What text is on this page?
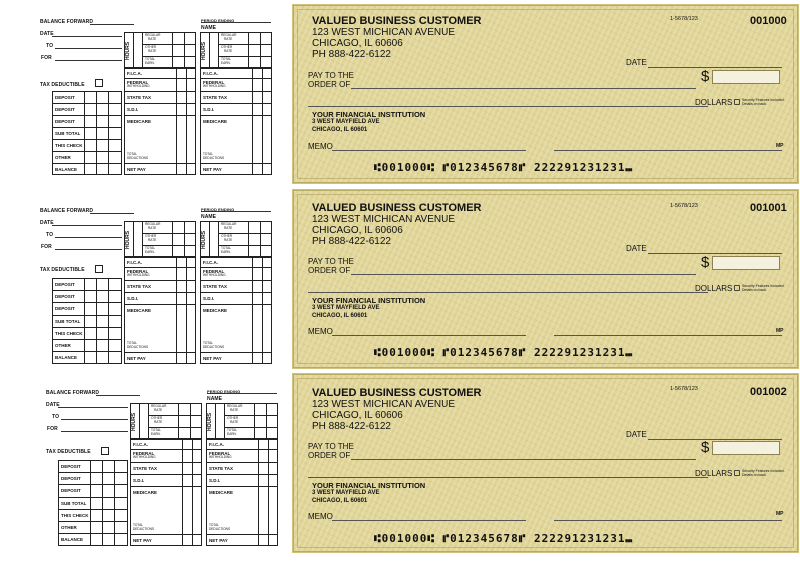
BALANCE FORWARD
DATE
TO
FOR
PERIOD ENDING
NAME
HOURS
REGULAR
RATE
OTHER
RATE
TOTAL
EARN.
HOURS
REGULAR
RATE
OTHER
RATE
TOTAL
EARN.
TAX DEDUCTIBLE
DEPOSIT
DEPOSIT
DEPOSIT
SUB TOTAL
THIS CHECK
OTHER
BALANCE
F.I.C.A.
FEDERAL
WITHHOLDING
STATE TAX
S.D.I.
MEDICARE
TOTAL
DEDUCTIONS
NET PAY
F.I.C.A.
FEDERAL
WITHHOLDING
STATE TAX
S.D.I.
MEDICARE
TOTAL
DEDUCTIONS
NET PAY
BALANCE FORWARD
DATE
TO
FOR
PERIOD ENDING
NAME
HOURS
REGULAR
RATE
OTHER
RATE
TOTAL
EARN.
HOURS
REGULAR
RATE
OTHER
RATE
TOTAL
EARN.
TAX DEDUCTIBLE
DEPOSIT
DEPOSIT
DEPOSIT
SUB TOTAL
THIS CHECK
OTHER
BALANCE
F.I.C.A.
FEDERAL
WITHHOLDING
STATE TAX
S.D.I.
MEDICARE
TOTAL
DEDUCTIONS
NET PAY
F.I.C.A.
FEDERAL
WITHHOLDING
STATE TAX
S.D.I.
MEDICARE
TOTAL
DEDUCTIONS
NET PAY
BALANCE FORWARD
DATE
TO
FOR
PERIOD ENDING
NAME
HOURS
REGULAR
RATE
OTHER
RATE
TOTAL
EARN.
HOURS
REGULAR
RATE
OTHER
RATE
TOTAL
EARN.
TAX DEDUCTIBLE
DEPOSIT
DEPOSIT
DEPOSIT
SUB TOTAL
THIS CHECK
OTHER
BALANCE
F.I.C.A.
FEDERAL
WITHHOLDING
STATE TAX
S.D.I.
MEDICARE
TOTAL
DEDUCTIONS
NET PAY
F.I.C.A.
FEDERAL
WITHHOLDING
STATE TAX
S.D.I.
MEDICARE
TOTAL
DEDUCTIONS
NET PAY
VALUED BUSINESS CUSTOMER
123 WEST MICHICAN AVENUE
CHICAGO, IL 60606
PH 888-422-6122
1-5678/123	001000
DATE
PAY TO THE
ORDER OF	$
DOLLARS	Security Features Included. Details on back.
YOUR FINANCIAL INSTITUTION
3 WEST MAYFIELD AVE
CHICAGO, IL 60601
MEMO	MP
⑆001000⑆ ⑈012345678⑈ 222291231231⑉
VALUED BUSINESS CUSTOMER
123 WEST MICHICAN AVENUE
CHICAGO, IL 60606
PH 888-422-6122
1-5678/123	001001
DATE
PAY TO THE
ORDER OF	$
DOLLARS	Security Features Included. Details on back.
YOUR FINANCIAL INSTITUTION
3 WEST MAYFIELD AVE
CHICAGO, IL 60601
MEMO	MP
⑆001000⑆ ⑈012345678⑈ 222291231231⑉
VALUED BUSINESS CUSTOMER
123 WEST MICHICAN AVENUE
CHICAGO, IL 60606
PH 888-422-6122
1-5678/123	001002
DATE
PAY TO THE
ORDER OF	$
DOLLARS	Security Features Included. Details on back.
YOUR FINANCIAL INSTITUTION
3 WEST MAYFIELD AVE
CHICAGO, IL 60601
MEMO	MP
⑆001000⑆ ⑈012345678⑈ 222291231231⑉
